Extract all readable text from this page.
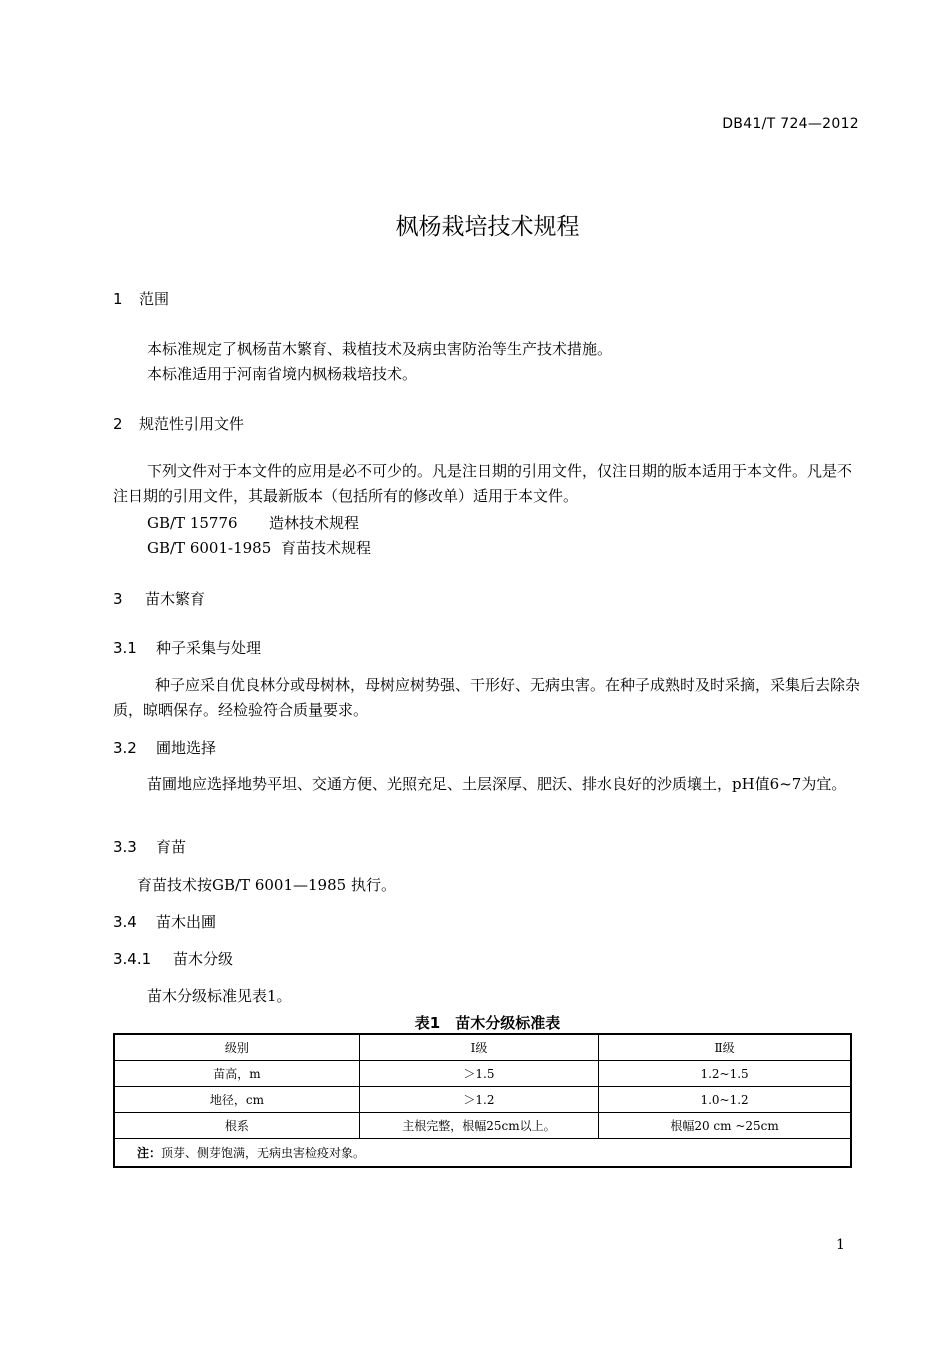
DB41/T 724—2012
枫杨栽培技术规程
1 范围
本标准规定了枫杨苗木繁育、栽植技术及病虫害防治等生产技术措施。
本标准适用于河南省境内枫杨栽培技术。
2 规范性引用文件
下列文件对于本文件的应用是必不可少的。凡是注日期的引用文件，仅注日期的版本适用于本文件。凡是不注日期的引用文件，其最新版本（包括所有的修改单）适用于本文件。
GB/T 15776 造林技术规程
GB/T 6001-1985 育苗技术规程
3 苗木繁育
3.1 种子采集与处理
种子应采自优良林分或母树林，母树应树势强、干形好、无病虫害。在种子成熟时及时采摘，采集后去除杂质，晾晒保存。经检验符合质量要求。
3.2 圃地选择
苗圃地应选择地势平坦、交通方便、光照充足、土层深厚、肥沃、排水良好的沙质壤土，pH值6~7为宜。
3.3 育苗
育苗技术按GB/T 6001—1985 执行。
3.4 苗木出圃
3.4.1 苗木分级
苗木分级标准见表1。
表1　苗木分级标准表
级别	Ⅰ级	Ⅱ级
苗高，m	＞1.5	1.2~1.5
地径，cm	＞1.2	1.0~1.2
根系	主根完整，根幅25cm以上。	根幅20 cm ~25cm
注：顶芽、侧芽饱满，无病虫害检疫对象。		
1
